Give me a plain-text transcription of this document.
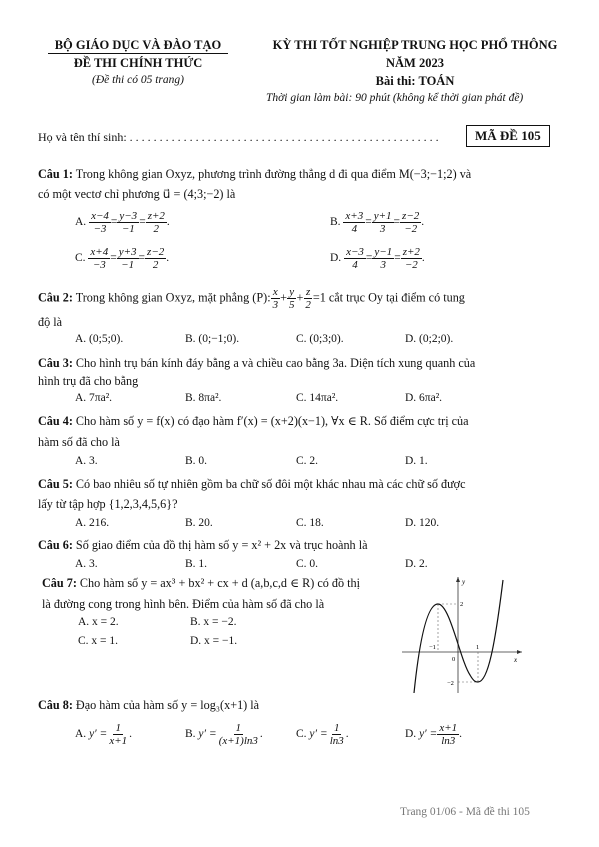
BỘ GIÁO DỤC VÀ ĐÀO TẠO
ĐỀ THI CHÍNH THỨC
(Đề thi có 05 trang)
KỲ THI TỐT NGHIỆP TRUNG HỌC PHỔ THÔNG
NĂM 2023
Bài thi: TOÁN
Thời gian làm bài: 90 phút (không kể thời gian phát đề)
Họ và tên thí sinh: . . . . . . . . . . . . . . . . . . . . . . . . . . . . . . . . . . . . . . . . . . . . . . . . . . . .	MÃ ĐỀ 105
Câu 1: Trong không gian Oxyz, phương trình đường thẳng d đi qua điểm M(−3;−1;2) và
có một vectơ chỉ phương u⃗ = (4;3;−2) là
A. $\frac{x-4}{-3} = \frac{y-3}{-1} = \frac{z+2}{2}$ .	B. $\frac{x+3}{4} = \frac{y+1}{3} = \frac{z-2}{-2}$ .
C. $\frac{x+4}{-3} = \frac{y+3}{-1} = \frac{z-2}{2}$ .	D. $\frac{x-3}{4} = \frac{y-1}{3} = \frac{z+2}{-2}$ .
Câu 2: Trong không gian Oxyz, mặt phẳng (P): $\frac{x}{3} + \frac{y}{5} + \frac{z}{2} =1$ cắt trục Oy tại điểm có tung
độ là
A. (0;5;0).	B. (0;−1;0).	C. (0;3;0).	D. (0;2;0).
Câu 3: Cho hình trụ bán kính đáy bằng a và chiều cao bằng 3a. Diện tích xung quanh của
hình trụ đã cho bằng
A. 7πa².	B. 8πa².	C. 14πa².	D. 6πa².
Câu 4: Cho hàm số y = f(x) có đạo hàm f′(x) = (x+2)(x−1), ∀x ∈ R. Số điểm cực trị của
hàm số đã cho là
A. 3.	B. 0.	C. 2.	D. 1.
Câu 5: Có bao nhiêu số tự nhiên gồm ba chữ số đôi một khác nhau mà các chữ số được
lấy từ tập hợp {1,2,3,4,5,6}?
A. 216.	B. 20.	C. 18.	D. 120.
Câu 6: Số giao điểm của đồ thị hàm số y = x² + 2x và trục hoành là
A. 3.	B. 1.	C. 0.	D. 2.
Câu 7: Cho hàm số y = ax³ + bx² + cx + d (a,b,c,d ∈ R) có đồ thị
là đường cong trong hình bên. Điểm của hàm số đã cho là
A. x = 2.	B. x = −2.
C. x = 1.	D. x = −1.
y
x
0
2
−2
−1	1
Câu 8: Đạo hàm của hàm số y = log₃(x+1) là
A. $y' = \frac{1}{x+1}$ .	B. $y' = \frac{1}{(x+1)\ln 3}$ .	C. $y' = \frac{1}{\ln 3}$ .	D. $y' = \frac{x+1}{\ln 3}$ .
Trang 01/06 - Mã đề thi 105
